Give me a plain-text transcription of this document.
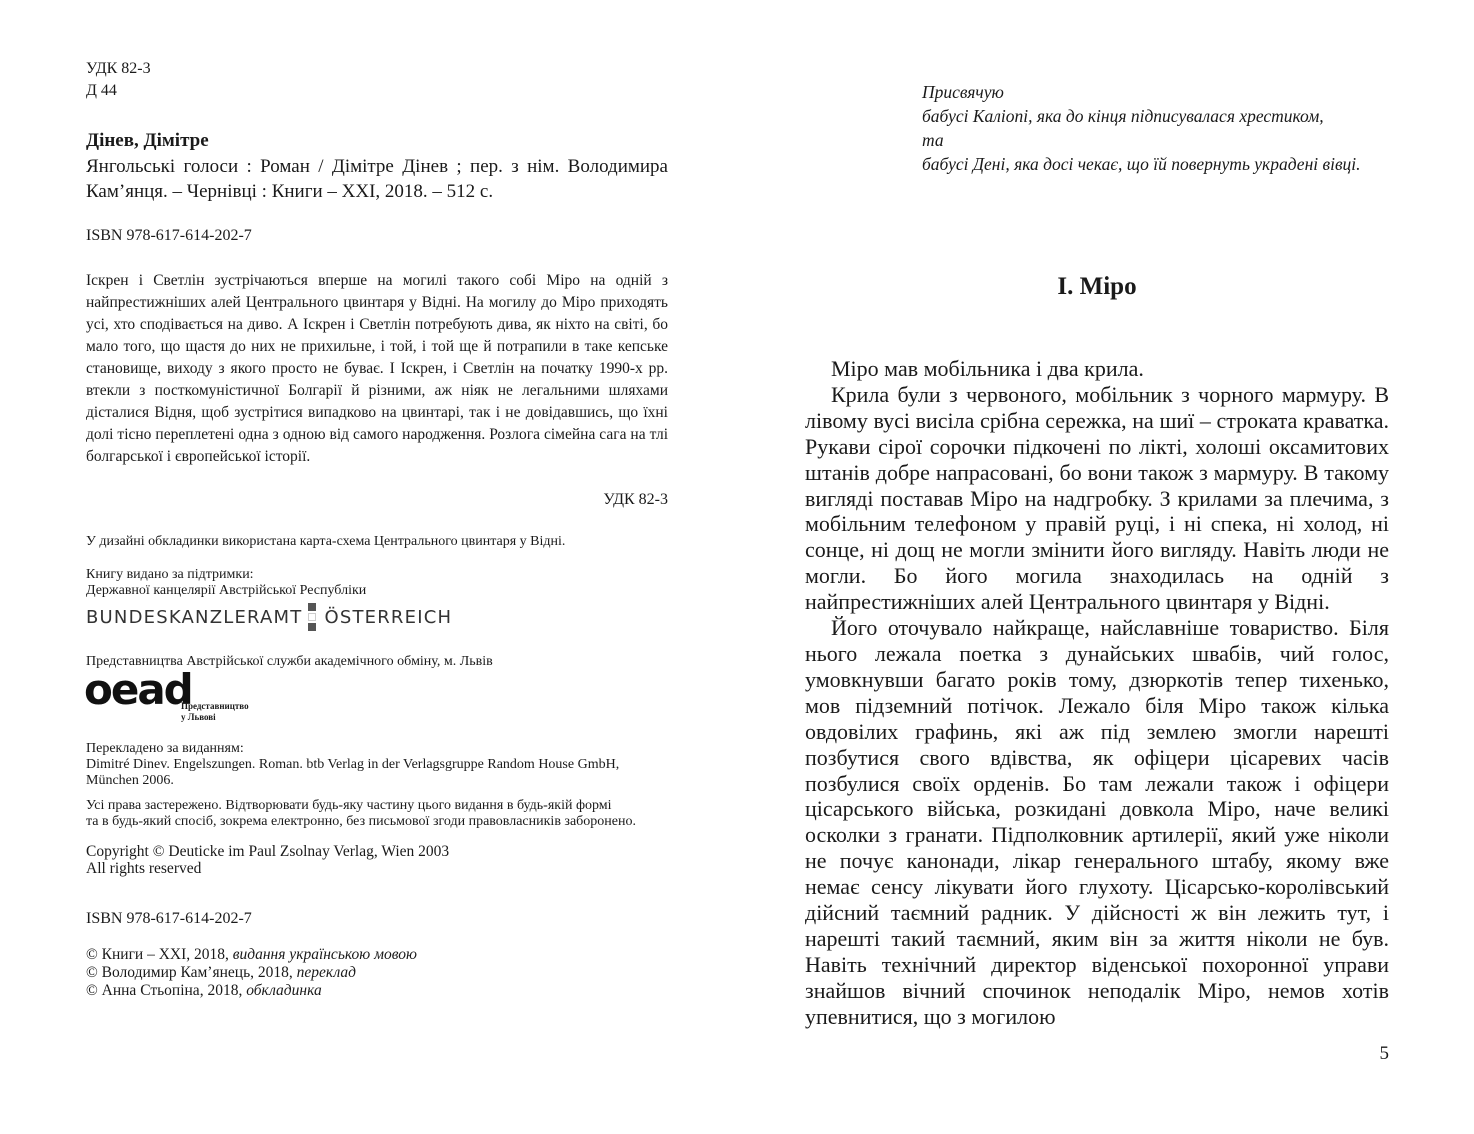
УДК 82-3
Д 44
Дінев, Дімітре
Янгольські голоси : Роман / Дімітре Дінев ; пер. з нім. Володимира Кам’янця. – Чернівці : Книги – ХХІ, 2018. – 512 с.
ISBN 978-617-614-202-7
Іскрен і Светлін зустрічаються вперше на могилі такого собі Міро на одній з найпрестижніших алей Центрального цвинтаря у Відні. На могилу до Міро приходять усі, хто сподівається на диво. А Іскрен і Светлін потребують дива, як ніхто на світі, бо мало того, що щастя до них не прихильне, і той, і той ще й потрапили в таке кепське становище, виходу з якого просто не буває. І Іскрен, і Светлін на початку 1990-х рр. втекли з посткомуністичної Болгарії й різними, аж ніяк не легальними шляхами дісталися Відня, щоб зустрітися випадково на цвинтарі, так і не довідавшись, що їхні долі тісно переплетені одна з одною від самого народження. Розлога сімейна сага на тлі болгарської і європейської історії.
УДК 82-3
У дизайні обкладинки використана карта-схема Центрального цвинтаря у Відні.
Книгу видано за підтримки:
Державної канцелярії Австрійської Республіки
BUNDESKANZLERAMT ÖSTERREICH
Представництва Австрійської служби академічного обміну, м. Львів
oead
Представництво
у Львові
Перекладено за виданням:
Dimitré Dinev. Engelszungen. Roman. btb Verlag in der Verlagsgruppe Random House GmbH,
München 2006.
Усі права застережено. Відтворювати будь-яку частину цього видання в будь-якій формі
та в будь-який спосіб, зокрема електронно, без письмової згоди правовласників заборонено.
Copyright © Deuticke im Paul Zsolnay Verlag, Wien 2003
All rights reserved
ISBN 978-617-614-202-7
© Книги – ХХІ, 2018, видання українською мовою
© Володимир Кам’янець, 2018, переклад
© Анна Стьопіна, 2018, обкладинка
Присвячую
бабусі Каліопі, яка до кінця підписувалася хрестиком,
та
бабусі Дені, яка досі чекає, що їй повернуть украдені вівці.
I. Міро

Міро мав мобільника і два крила.

Крила були з червоного, мобільник з чорного мармуру. В лівому вусі висіла срібна сережка, на шиї – строката краватка. Рукави сірої сорочки підкочені по лікті, холоші оксамитових штанів добре напрасовані, бо вони також з мармуру. В такому вигляді поставав Міро на надгробку. З крилами за плечима, з мобільним телефоном у правій руці, і ні спека, ні холод, ні сонце, ні дощ не могли змінити його вигляду. Навіть люди не могли. Бо його могила знаходилась на одній з найпрестижніших алей Центрального цвинтаря у Відні.

Його оточувало найкраще, найславніше товариство. Біля нього лежала поетка з дунайських швабів, чий голос, умовкнувши багато років тому, дзюркотів тепер тихенько, мов підземний потічок. Лежало біля Міро також кілька овдовілих графинь, які аж під землею змогли нарешті позбутися свого вдівства, як офіцери цісаревих часів позбулися своїх орденів. Бо там лежали також і офіцери цісарського війська, розкидані довкола Міро, наче великі осколки з гранати. Підполковник артилерії, який уже ніколи не почує канонади, лікар генерального штабу, якому вже немає сенсу лікувати його глухоту. Цісарсько-королівський дійсний таємний радник. У дійсності ж він лежить тут, і нарешті такий таємний, яким він за життя ніколи не був. Навіть технічний директор віденської похоронної управи знайшов вічний спочинок неподалік Міро, немов хотів упевнитися, що з могилою

5
